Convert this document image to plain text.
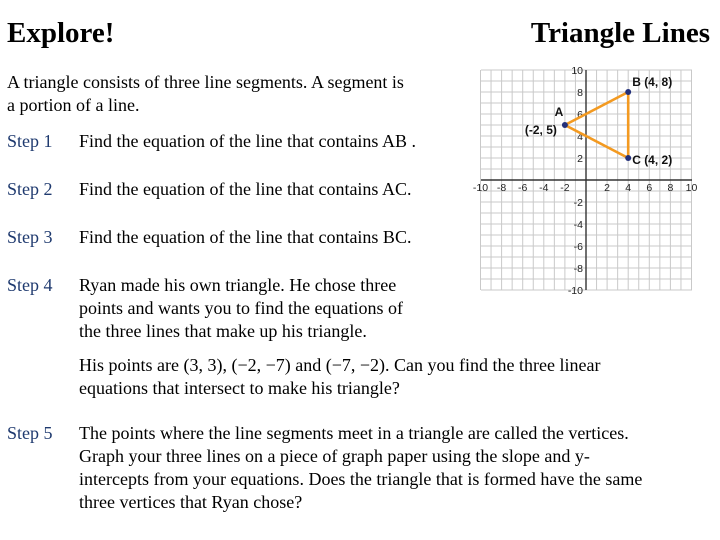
Explore!	Triangle Lines
A triangle consists of three line segments. A segment is
a portion of a line.
Step 1	Find the equation of the line that contains AB .
Step 2	Find the equation of the line that contains AC.
Step 3	Find the equation of the line that contains BC.
Step 4	Ryan made his own triangle. He chose three
points and wants you to find the equations of
the three lines that make up his triangle.
His points are (3, 3), (−2, −7) and (−7, −2). Can you find the three linear
equations that intersect to make his triangle?
Step 5	The points where the line segments meet in a triangle are called the vertices.
Graph your three lines on a piece of graph paper using the slope and y-
intercepts from your equations. Does the triangle that is formed have the same
three vertices that Ryan chose?
-10 -8 -6 -4 -2	2 4 6 8 10
10
8
6
4
2
-2
-4
-6
-8
-10
A
(-2, 5)
B (4, 8)
C (4, 2)
